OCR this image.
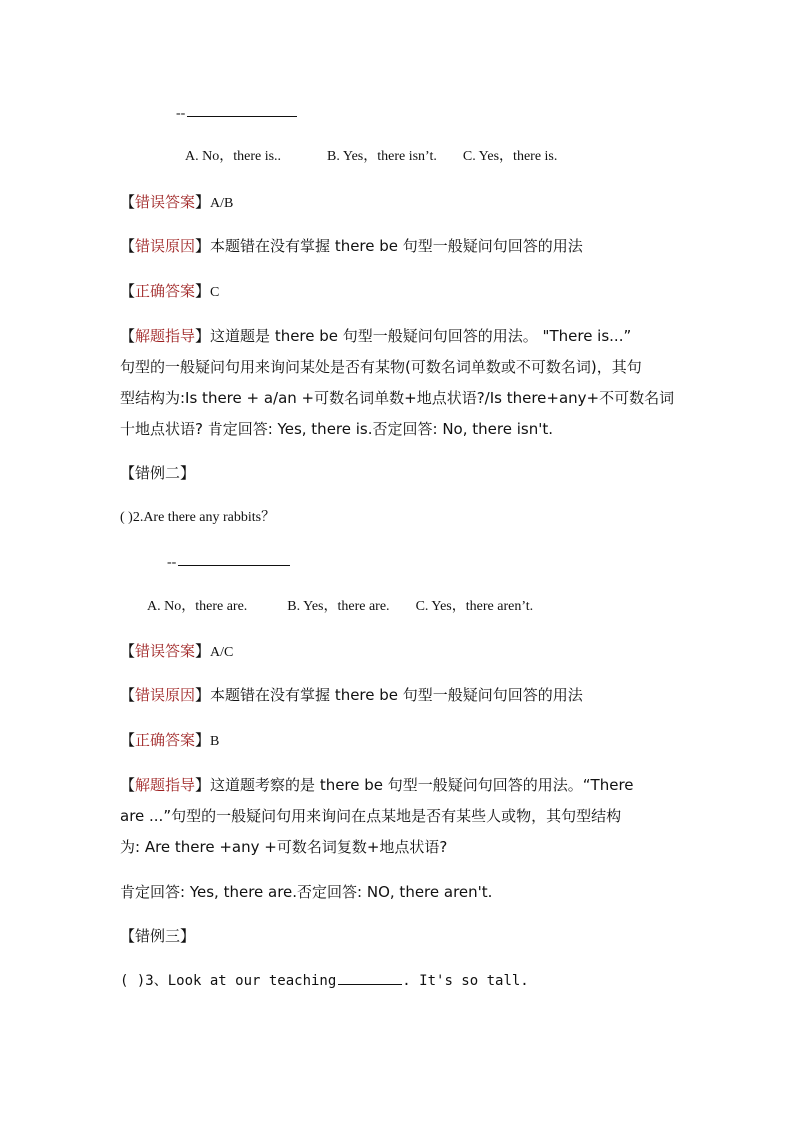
--
A. No，there is..	B. Yes，there isn’t. C. Yes，there is.
【错误答案】A/B
【错误原因】本题错在没有掌握 there be 句型一般疑问句回答的用法
【正确答案】C
【解题指导】这道题是 there be 句型一般疑问句回答的用法。 "There is...”
句型的一般疑问句用来询问某处是否有某物(可数名词单数或不可数名词)，其句
型结构为:Is there + a/an +可数名词单数+地点状语?/Is there+any+不可数名词
十地点状语? 肯定回答: Yes, there is.否定回答: No, there isn't.
【错例二】
( )2.Are there any rabbits？
--
A. No，there are.	B. Yes，there are. C. Yes，there aren’t.
【错误答案】A/C
【错误原因】本题错在没有掌握 there be 句型一般疑问句回答的用法
【正确答案】B
【解题指导】这道题考察的是 there be 句型一般疑问句回答的用法。“There
are ...”句型的一般疑问句用来询问在点某地是否有某些人或物，其句型结构
为: Are there +any +可数名词复数+地点状语?
肯定回答: Yes, there are.否定回答: NO, there aren't.
【错例三】
( )3、Look at our teaching	. It's so tall.
